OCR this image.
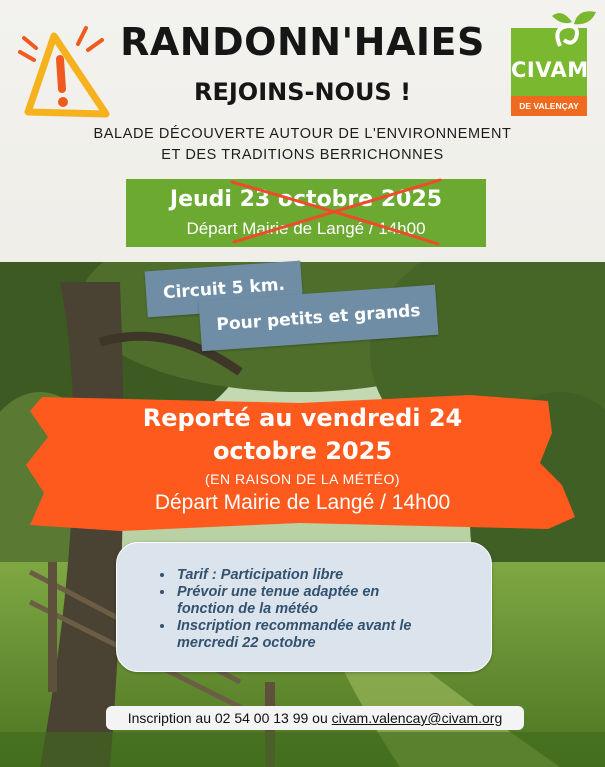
RANDONN'HAIES
REJOINS-NOUS !
BALADE DÉCOUVERTE AUTOUR DE L'ENVIRONNEMENT
ET DES TRADITIONS BERRICHONNES
CIVAM
DE VALENÇAY
Jeudi 23 octobre 2025
Départ Mairie de Langé / 14h00
Circuit 5 km.
Pour petits et grands
Reporté au vendredi 24
octobre 2025
(EN RAISON DE LA MÉTÉO)
Départ Mairie de Langé / 14h00
• Tarif : Participation libre
• Prévoir une tenue adaptée en fonction de la météo
• Inscription recommandée avant le mercredi 22 octobre
Inscription au 02 54 00 13 99 ou civam.valencay@civam.org
